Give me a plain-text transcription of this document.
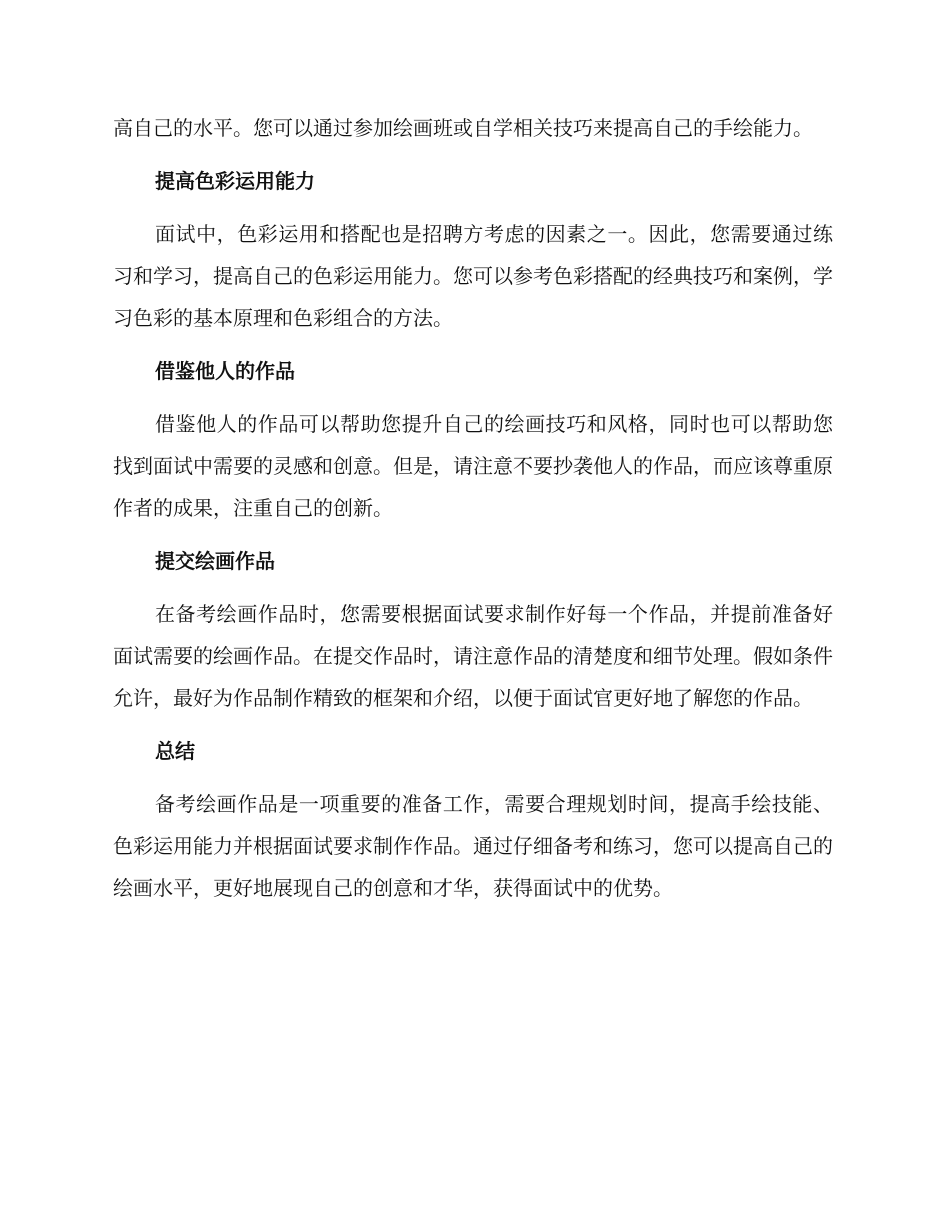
高自己的水平。您可以通过参加绘画班或自学相关技巧来提高自己的手绘能力。

提高色彩运用能力

面试中，色彩运用和搭配也是招聘方考虑的因素之一。因此，您需要通过练习和学习，提高自己的色彩运用能力。您可以参考色彩搭配的经典技巧和案例，学习色彩的基本原理和色彩组合的方法。

借鉴他人的作品

借鉴他人的作品可以帮助您提升自己的绘画技巧和风格，同时也可以帮助您找到面试中需要的灵感和创意。但是，请注意不要抄袭他人的作品，而应该尊重原作者的成果，注重自己的创新。

提交绘画作品

在备考绘画作品时，您需要根据面试要求制作好每一个作品，并提前准备好面试需要的绘画作品。在提交作品时，请注意作品的清楚度和细节处理。假如条件允许，最好为作品制作精致的框架和介绍，以便于面试官更好地了解您的作品。

总结

备考绘画作品是一项重要的准备工作，需要合理规划时间，提高手绘技能、色彩运用能力并根据面试要求制作作品。通过仔细备考和练习，您可以提高自己的绘画水平，更好地展现自己的创意和才华，获得面试中的优势。
